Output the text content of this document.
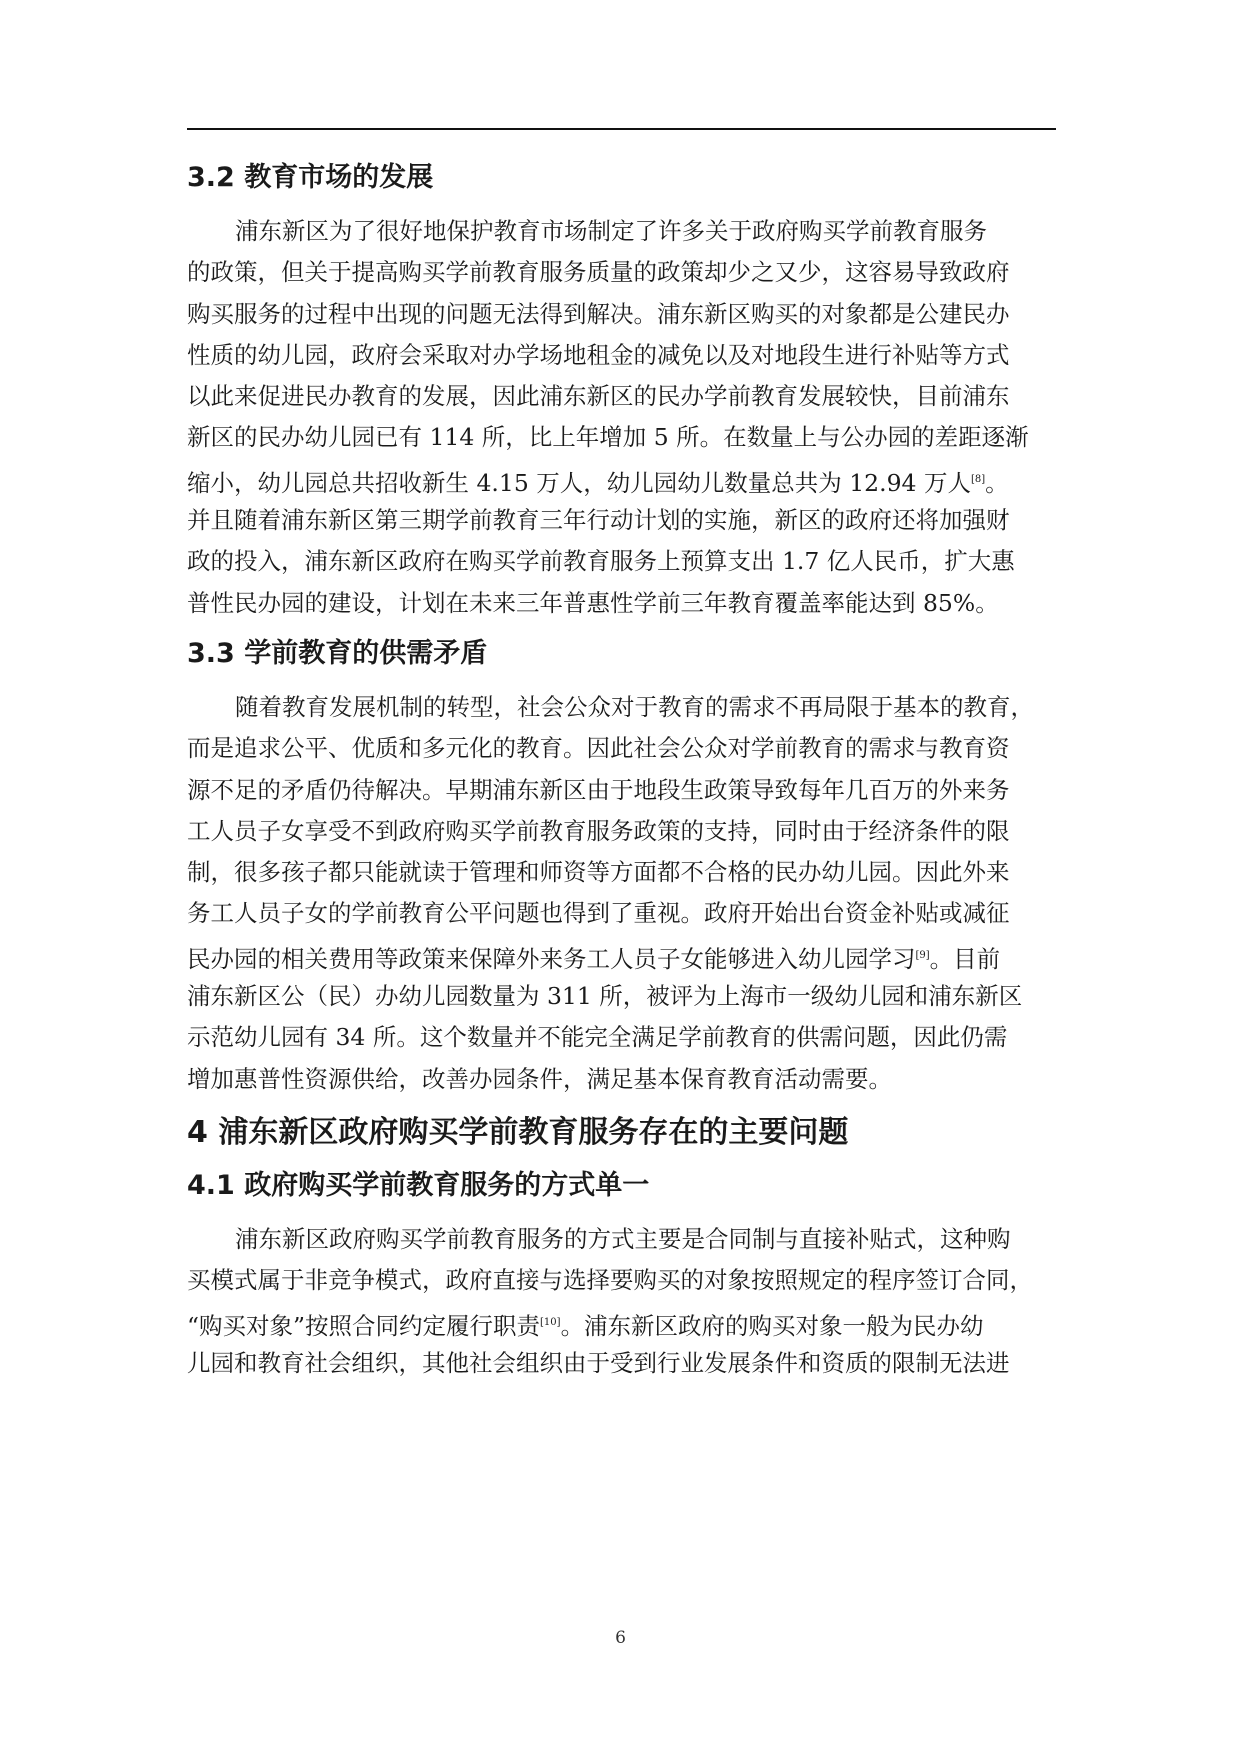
3.2 教育市场的发展
浦东新区为了很好地保护教育市场制定了许多关于政府购买学前教育服务
的政策，但关于提高购买学前教育服务质量的政策却少之又少，这容易导致政府
购买服务的过程中出现的问题无法得到解决。浦东新区购买的对象都是公建民办
性质的幼儿园，政府会采取对办学场地租金的减免以及对地段生进行补贴等方式
以此来促进民办教育的发展，因此浦东新区的民办学前教育发展较快，目前浦东
新区的民办幼儿园已有 114 所，比上年增加 5 所。在数量上与公办园的差距逐渐
缩小，幼儿园总共招收新生 4.15 万人，幼儿园幼儿数量总共为 12.94 万人[8]。
并且随着浦东新区第三期学前教育三年行动计划的实施，新区的政府还将加强财
政的投入，浦东新区政府在购买学前教育服务上预算支出 1.7 亿人民币，扩大惠
普性民办园的建设，计划在未来三年普惠性学前三年教育覆盖率能达到 85%。
3.3 学前教育的供需矛盾
随着教育发展机制的转型，社会公众对于教育的需求不再局限于基本的教育，
而是追求公平、优质和多元化的教育。因此社会公众对学前教育的需求与教育资
源不足的矛盾仍待解决。早期浦东新区由于地段生政策导致每年几百万的外来务
工人员子女享受不到政府购买学前教育服务政策的支持，同时由于经济条件的限
制，很多孩子都只能就读于管理和师资等方面都不合格的民办幼儿园。因此外来
务工人员子女的学前教育公平问题也得到了重视。政府开始出台资金补贴或减征
民办园的相关费用等政策来保障外来务工人员子女能够进入幼儿园学习[9]。目前
浦东新区公（民）办幼儿园数量为 311 所，被评为上海市一级幼儿园和浦东新区
示范幼儿园有 34 所。这个数量并不能完全满足学前教育的供需问题，因此仍需
增加惠普性资源供给，改善办园条件，满足基本保育教育活动需要。
4 浦东新区政府购买学前教育服务存在的主要问题
4.1 政府购买学前教育服务的方式单一
浦东新区政府购买学前教育服务的方式主要是合同制与直接补贴式，这种购
买模式属于非竞争模式，政府直接与选择要购买的对象按照规定的程序签订合同，
“购买对象”按照合同约定履行职责[10]。浦东新区政府的购买对象一般为民办幼
儿园和教育社会组织，其他社会组织由于受到行业发展条件和资质的限制无法进
6
